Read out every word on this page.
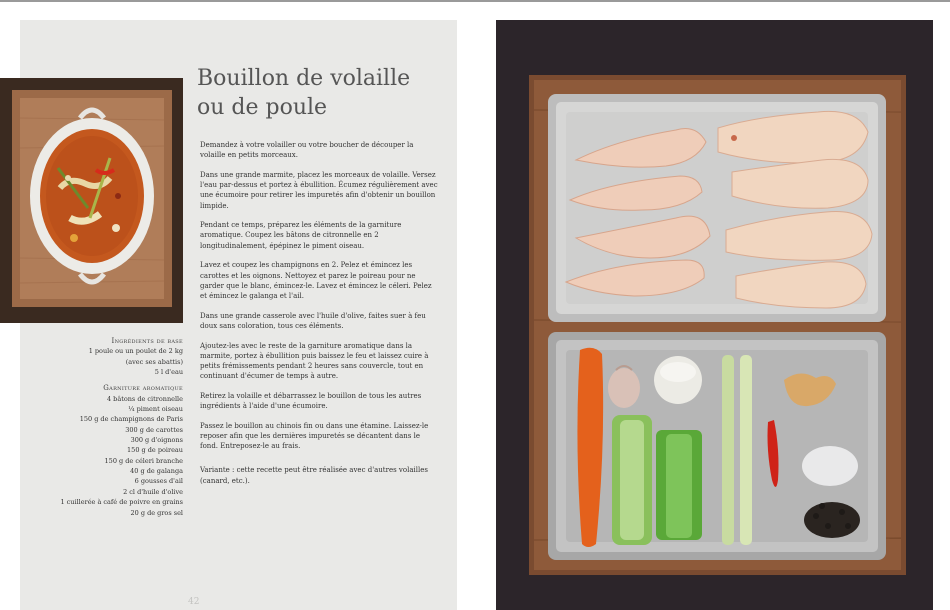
Bouillon de volaille
ou de poule

Demandez à votre volailler ou votre boucher de découper la volaille en petits morceaux.

Dans une grande marmite, placez les morceaux de volaille. Versez l'eau par-dessus et portez à ébullition. Écumez régulièrement avec une écumoire pour retirer les impuretés afin d'obtenir un bouillon limpide.

Pendant ce temps, préparez les éléments de la garniture aromatique. Coupez les bâtons de citronnelle en 2 longitudinalement, épépinez le piment oiseau.

Lavez et coupez les champignons en 2. Pelez et émincez les carottes et les oignons. Nettoyez et parez le poireau pour ne garder que le blanc, émincez-le. Lavez et émincez le céleri. Pelez et émincez le galanga et l'ail.

Dans une grande casserole avec l'huile d'olive, faites suer à feu doux sans coloration, tous ces éléments.

Ajoutez-les avec le reste de la garniture aromatique dans la marmite, portez à ébullition puis baissez le feu et laissez cuire à petits frémissements pendant 2 heures sans couvercle, tout en continuant d'écumer de temps à autre.

Retirez la volaille et débarrassez le bouillon de tous les autres ingrédients à l'aide d'une écumoire.

Passez le bouillon au chinois fin ou dans une étamine. Laissez-le reposer afin que les dernières impuretés se décantent dans le fond. Entreposez-le au frais.

Variante : cette recette peut être réalisée avec d'autres volailles (canard, etc.).

Ingrédients de base
1 poule ou un poulet de 2 kg
(avec ses abattis)
5 l d'eau
Garniture aromatique
4 bâtons de citronnelle
¼ piment oiseau
150 g de champignons de Paris
300 g de carottes
300 g d'oignons
150 g de poireau
150 g de céleri branche
40 g de galanga
6 gousses d'ail
2 cl d'huile d'olive
1 cuillerée à café de poivre en grains
20 g de gros sel
42
